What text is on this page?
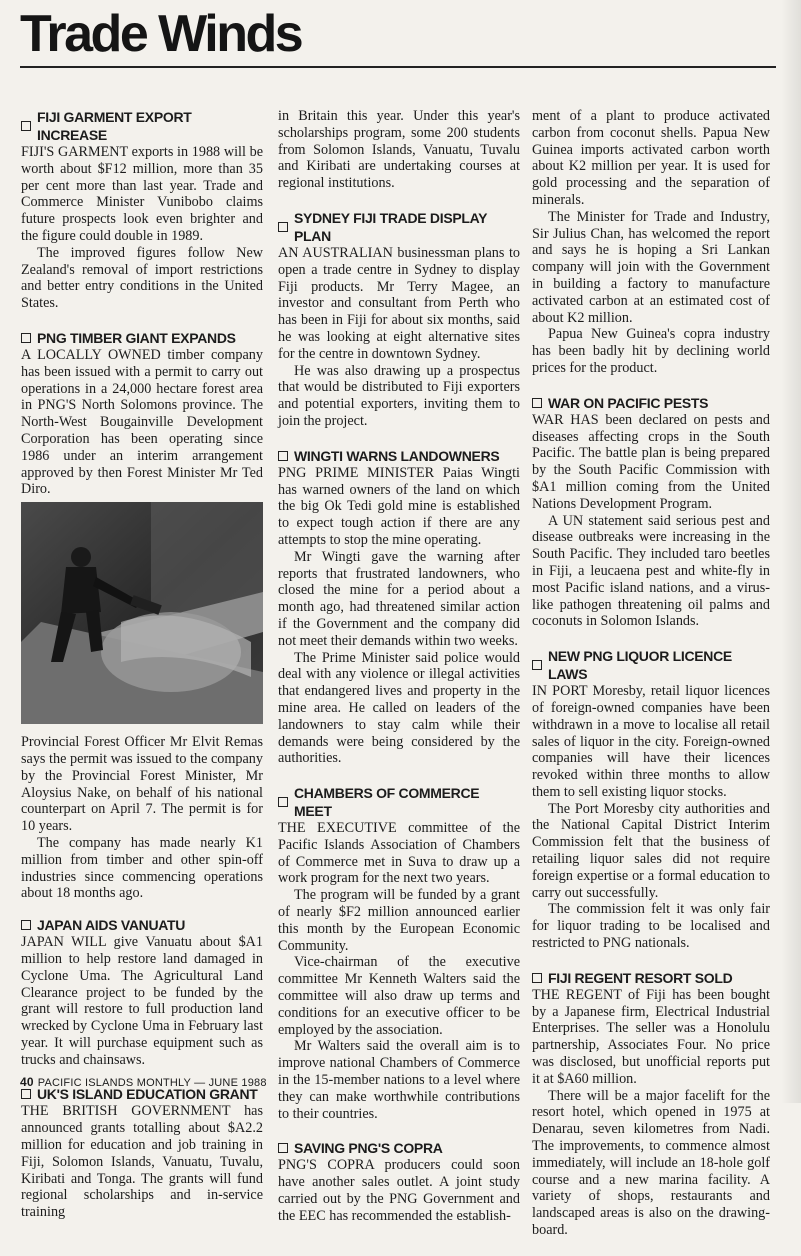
Trade Winds
FIJI GARMENT EXPORT INCREASE

FIJI'S GARMENT exports in 1988 will be worth about $F12 million, more than 35 per cent more than last year. Trade and Commerce Minister Vunibobo claims future prospects look even brighter and the figure could double in 1989.

The improved figures follow New Zealand's removal of import restrictions and better entry conditions in the United States.

PNG TIMBER GIANT EXPANDS

A LOCALLY OWNED timber company has been issued with a permit to carry out operations in a 24,000 hectare forest area in PNG'S North Solomons province. The North-West Bougainville Development Corporation has been operating since 1986 under an interim arrangement approved by then Forest Minister Mr Ted Diro.

Provincial Forest Officer Mr Elvit Remas says the permit was issued to the company by the Provincial Forest Minister, Mr Aloysius Nake, on behalf of his national counterpart on April 7. The permit is for 10 years.

The company has made nearly K1 million from timber and other spin-off industries since commencing operations about 18 months ago.

JAPAN AIDS VANUATU

JAPAN WILL give Vanuatu about $A1 million to help restore land damaged in Cyclone Uma. The Agricultural Land Clearance project to be funded by the grant will restore to full production land wrecked by Cyclone Uma in February last year. It will purchase equipment such as trucks and chainsaws.

UK'S ISLAND EDUCATION GRANT

THE BRITISH GOVERNMENT has announced grants totalling about $A2.2 million for education and job training in Fiji, Solomon Islands, Vanuatu, Tuvalu, Kiribati and Tonga. The grants will fund regional scholarships and in-service training

in Britain this year. Under this year's scholarships program, some 200 students from Solomon Islands, Vanuatu, Tuvalu and Kiribati are undertaking courses at regional institutions.

SYDNEY FIJI TRADE DISPLAY PLAN

AN AUSTRALIAN businessman plans to open a trade centre in Sydney to display Fiji products. Mr Terry Magee, an investor and consultant from Perth who has been in Fiji for about six months, said he was looking at eight alternative sites for the centre in downtown Sydney.

He was also drawing up a prospectus that would be distributed to Fiji exporters and potential exporters, inviting them to join the project.

WINGTI WARNS LANDOWNERS

PNG PRIME MINISTER Paias Wingti has warned owners of the land on which the big Ok Tedi gold mine is established to expect tough action if there are any attempts to stop the mine operating.

Mr Wingti gave the warning after reports that frustrated landowners, who closed the mine for a period about a month ago, had threatened similar action if the Government and the company did not meet their demands within two weeks.

The Prime Minister said police would deal with any violence or illegal activities that endangered lives and property in the mine area. He called on leaders of the landowners to stay calm while their demands were being considered by the authorities.

CHAMBERS OF COMMERCE MEET

THE EXECUTIVE committee of the Pacific Islands Association of Chambers of Commerce met in Suva to draw up a work program for the next two years.

The program will be funded by a grant of nearly $F2 million announced earlier this month by the European Economic Community.

Vice-chairman of the executive committee Mr Kenneth Walters said the committee will also draw up terms and conditions for an executive officer to be employed by the association.

Mr Walters said the overall aim is to improve national Chambers of Commerce in the 15-member nations to a level where they can make worthwhile contributions to their countries.

SAVING PNG'S COPRA

PNG'S COPRA producers could soon have another sales outlet. A joint study carried out by the PNG Government and the EEC has recommended the establish-

ment of a plant to produce activated carbon from coconut shells. Papua New Guinea imports activated carbon worth about K2 million per year. It is used for gold processing and the separation of minerals.

The Minister for Trade and Industry, Sir Julius Chan, has welcomed the report and says he is hoping a Sri Lankan company will join with the Government in building a factory to manufacture activated carbon at an estimated cost of about K2 million.

Papua New Guinea's copra industry has been badly hit by declining world prices for the product.

WAR ON PACIFIC PESTS

WAR HAS been declared on pests and diseases affecting crops in the South Pacific. The battle plan is being prepared by the South Pacific Commission with $A1 million coming from the United Nations Development Program.

A UN statement said serious pest and disease outbreaks were increasing in the South Pacific. They included taro beetles in Fiji, a leucaena pest and white-fly in most Pacific island nations, and a virus-like pathogen threatening oil palms and coconuts in Solomon Islands.

NEW PNG LIQUOR LICENCE LAWS

IN PORT Moresby, retail liquor licences of foreign-owned companies have been withdrawn in a move to localise all retail sales of liquor in the city. Foreign-owned companies will have their licences revoked within three months to allow them to sell existing liquor stocks.

The Port Moresby city authorities and the National Capital District Interim Commission felt that the business of retailing liquor sales did not require foreign expertise or a formal education to carry out successfully.

The commission felt it was only fair for liquor trading to be localised and restricted to PNG nationals.

FIJI REGENT RESORT SOLD

THE REGENT of Fiji has been bought by a Japanese firm, Electrical Industrial Enterprises. The seller was a Honolulu partnership, Associates Four. No price was disclosed, but unofficial reports put it at $A60 million.

There will be a major facelift for the resort hotel, which opened in 1975 at Denarau, seven kilometres from Nadi. The improvements, to commence almost immediately, will include an 18-hole golf course and a new marina facility. A variety of shops, restaurants and landscaped areas is also on the drawing-board.

40 PACIFIC ISLANDS MONTHLY — JUNE 1988
